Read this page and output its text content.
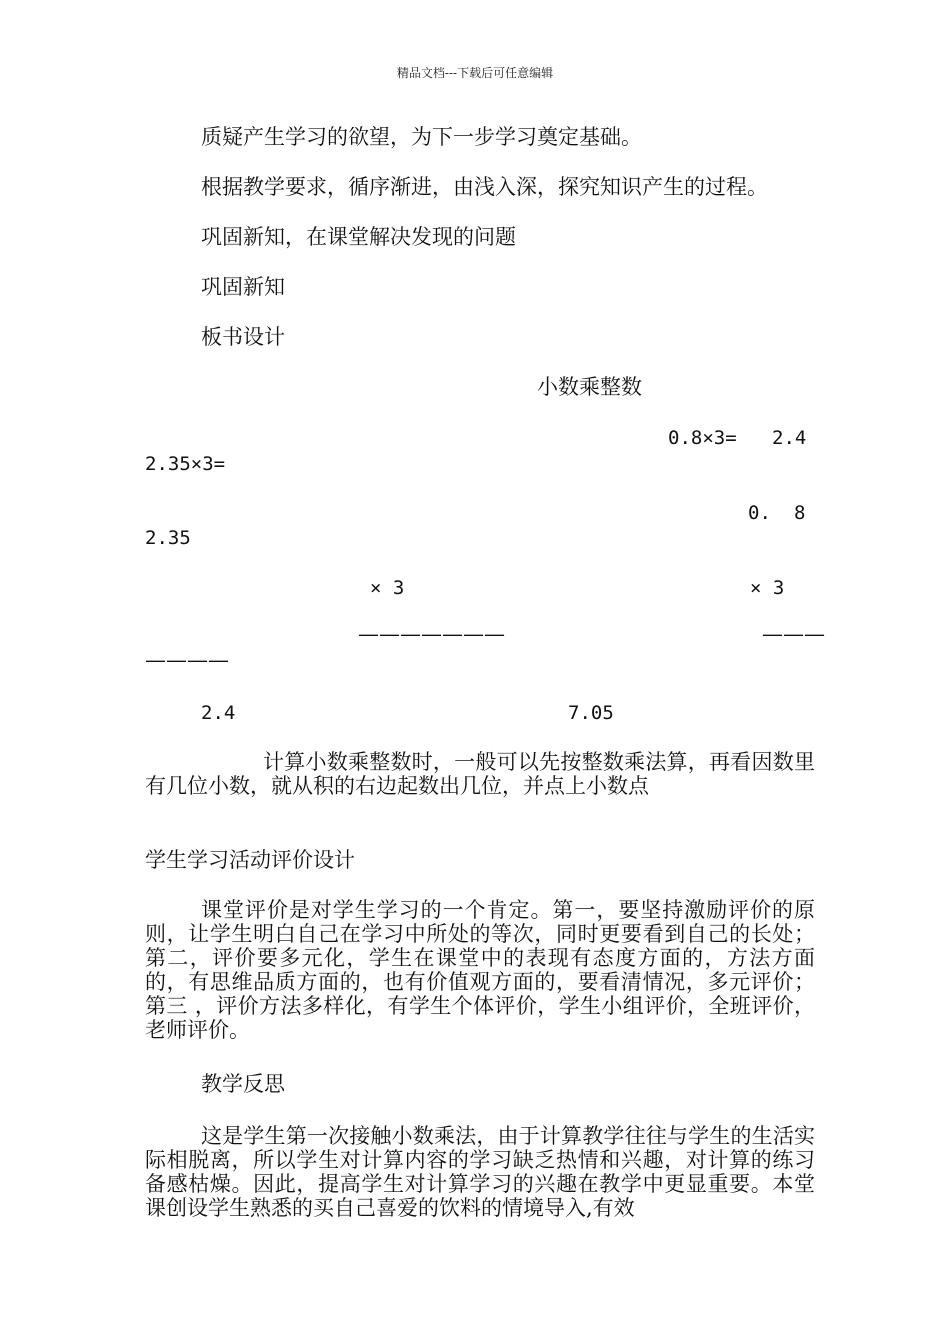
精品文档---下载后可任意编辑
质疑产生学习的欲望，为下一步学习奠定基础。
根据教学要求，循序渐进，由浅入深，探究知识产生的过程。
巩固新知，在课堂解决发现的问题
巩固新知
板书设计
小数乘整数
0.8×3= 2.4
2.35×3=
0. 8
2.35
× 3	× 3
———————	———
————
2.4	7.05
计算小数乘整数时，一般可以先按整数乘法算，再看因数里有几位小数，就从积的右边起数出几位，并点上小数点
学生学习活动评价设计
课堂评价是对学生学习的一个肯定。第一，要坚持激励评价的原则，让学生明白自己在学习中所处的等次，同时更要看到自己的长处；第二，评价要多元化，学生在课堂中的表现有态度方面的，方法方面的，有思维品质方面的，也有价值观方面的，要看清情况，多元评价；第三 ，评价方法多样化，有学生个体评价，学生小组评价，全班评价，老师评价。
教学反思
这是学生第一次接触小数乘法，由于计算教学往往与学生的生活实际相脱离，所以学生对计算内容的学习缺乏热情和兴趣，对计算的练习备感枯燥。因此，提高学生对计算学习的兴趣在教学中更显重要。本堂课创设学生熟悉的买自己喜爱的饮料的情境导入,有效
